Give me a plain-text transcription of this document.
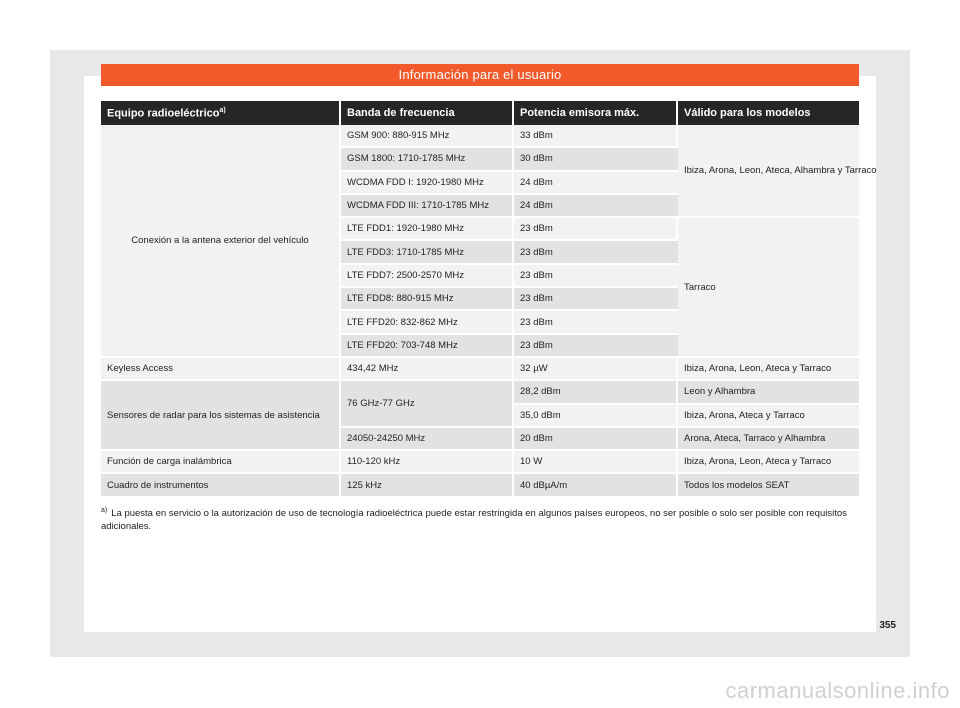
Información para el usuario
Equipo radioeléctrico$^{a)}$	Banda de frecuencia	Potencia emisora máx.	Válido para los modelos
Conexión a la antena exterior del vehículo	GSM 900: 880-915 MHz	33 dBm	Ibiza, Arona, Leon, Ateca, Alhambra y Tarraco
	GSM 1800: 1710-1785 MHz	30 dBm	
	WCDMA FDD I: 1920-1980 MHz	24 dBm	
	WCDMA FDD III: 1710-1785 MHz	24 dBm	
	LTE FDD1: 1920-1980 MHz	23 dBm	Tarraco
	LTE FDD3: 1710-1785 MHz	23 dBm	
	LTE FDD7: 2500-2570 MHz	23 dBm	
	LTE FDD8: 880-915 MHz	23 dBm	
	LTE FFD20: 832-862 MHz	23 dBm	
	LTE FFD20: 703-748 MHz	23 dBm	
Keyless Access	434,42 MHz	32 µW	Ibiza, Arona, Leon, Ateca y Tarraco
Sensores de radar para los sistemas de asistencia	76 GHz-77 GHz	28,2 dBm	Leon y Alhambra
		35,0 dBm	Ibiza, Arona, Ateca y Tarraco
	24050-24250 MHz	20 dBm	Arona, Ateca, Tarraco y Alhambra
Función de carga inalámbrica	110-120 kHz	10 W	Ibiza, Arona, Leon, Ateca y Tarraco
Cuadro de instrumentos	125 kHz	40 dBµA/m	Todos los modelos SEAT
$^{a)}$ La puesta en servicio o la autorización de uso de tecnología radioeléctrica puede estar restringida en algunos países europeos, no ser posible o solo ser posible con requisitos adicionales.
355
carmanualsonline.info
